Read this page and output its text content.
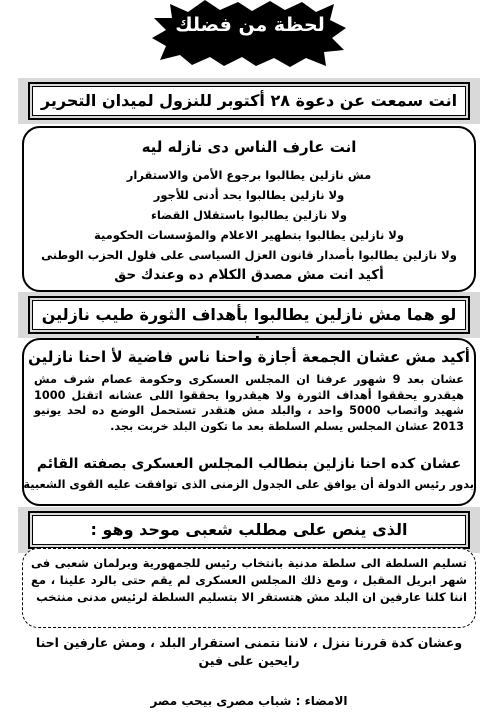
لحظة من فضلك
انت سمعت عن دعوة ٢٨ أكتوبر للنزول لميدان التحرير
انت عارف الناس دى نازله ليه
مش نازلين يطالبوا برجوع الأمن والاستقرار
ولا نازلين يطالبوا بحد أدنى للأجور
ولا نازلين يطالبوا باستقلال القضاء
ولا نازلين يطالبوا بتطهير الاعلام والمؤسسات الحكومية
ولا نازلين يطالبوا بأصدار قانون العزل السياسى على فلول الحزب الوطنى
أكيد انت مش مصدق الكلام ده وعندك حق
لو هما مش نازلين يطالبوا بأهداف الثورة طيب نازلين
أكيد مش عشان الجمعة أجازة واحنا ناس فاضية لأ احنا نازلين
عشان بعد 9 شهور عرفنا ان المجلس العسكرى وحكومة عصام شرف مش هيقدرو يحققوا أهداف الثورة ولا هيقدروا يحققوا اللى عشانه اتقتل 1000 شهيد واتصاب 5000 واحد ، والبلد مش هتقدر تستحمل الوضع ده لحد يونيو 2013 عشان المجلس يسلم السلطة بعد ما تكون البلد خربت بجد.
عشان كده احنا نازلين بنطالب المجلس العسكرى بصفته القائم
بدور رئيس الدولة أن يوافق على الجدول الزمنى الذى توافقت عليه القوى الشعبية
الذى ينص على مطلب شعبى موحد وهو :
تسليم السلطة الى سلطة مدنية بانتخاب رئيس للجمهورية وبرلمان شعبى فى شهر ابريل المقبل ، ومع ذلك المجلس العسكرى لم يقم حتى بالرد علينا ، مع اننا كلنا عارفين ان البلد مش هتستقر الا بتسليم السلطة لرئيس مدنى منتخب
وعشان كدة قررنا ننزل ، لاننا نتمنى استقرار البلد ، ومش عارفين احنا رايحين على فين
الامضاء : شباب مصرى بيحب مصر
